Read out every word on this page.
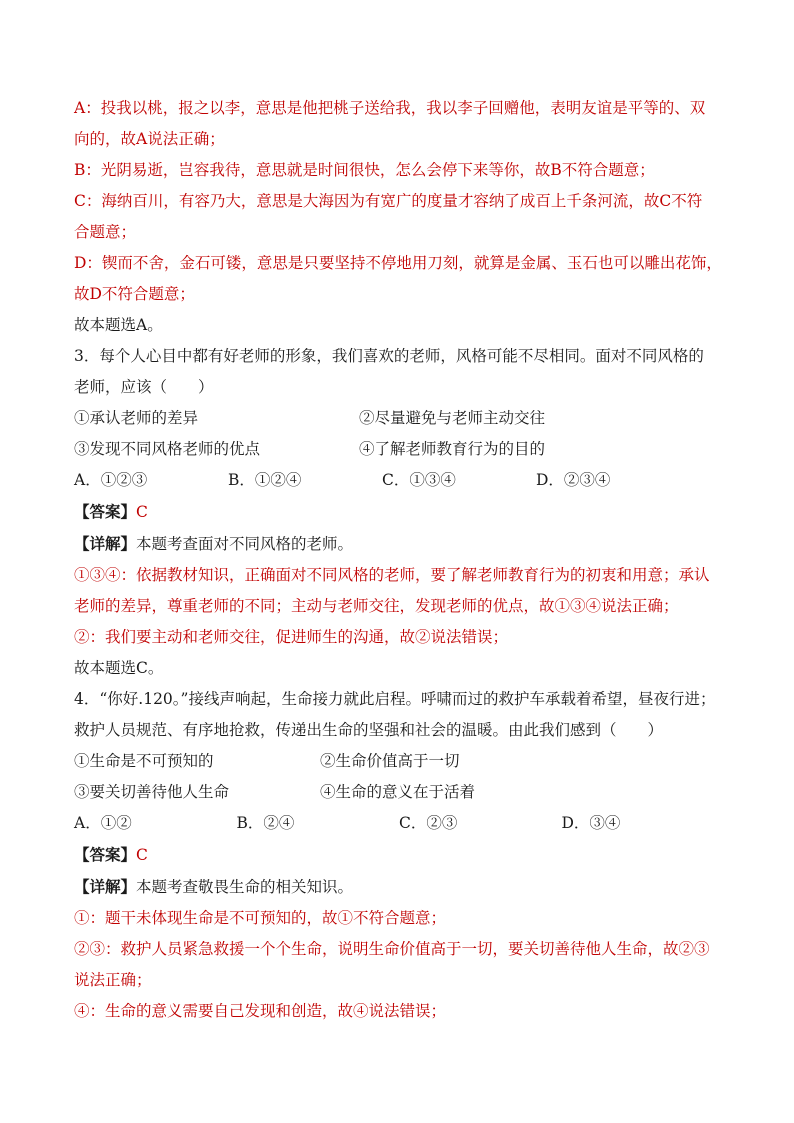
A：投我以桃，报之以李，意思是他把桃子送给我，我以李子回赠他，表明友谊是平等的、双
向的，故A说法正确；
B：光阴易逝，岂容我待，意思就是时间很快，怎么会停下来等你，故B不符合题意；
C：海纳百川，有容乃大，意思是大海因为有宽广的度量才容纳了成百上千条河流，故C不符
合题意；
D：锲而不舍，金石可镂，意思是只要坚持不停地用刀刻，就算是金属、玉石也可以雕出花饰，
故D不符合题意；
故本题选A。
3．每个人心目中都有好老师的形象，我们喜欢的老师，风格可能不尽相同。面对不同风格的
老师，应该（　　）
①承认老师的差异	②尽量避免与老师主动交往
③发现不同风格老师的优点	④了解老师教育行为的目的
A．①②③	B．①②④	C．①③④	D．②③④
【答案】C
【详解】本题考查面对不同风格的老师。
①③④：依据教材知识，正确面对不同风格的老师，要了解老师教育行为的初衷和用意；承认
老师的差异，尊重老师的不同；主动与老师交往，发现老师的优点，故①③④说法正确；
②：我们要主动和老师交往，促进师生的沟通，故②说法错误；
故本题选C。
4．“你好.120。”接线声响起，生命接力就此启程。呼啸而过的救护车承载着希望，昼夜行进；
救护人员规范、有序地抢救，传递出生命的坚强和社会的温暖。由此我们感到（　　）
①生命是不可预知的	②生命价值高于一切
③要关切善待他人生命	④生命的意义在于活着
A．①②	B．②④	C．②③	D．③④
【答案】C
【详解】本题考查敬畏生命的相关知识。
①：题干未体现生命是不可预知的，故①不符合题意；
②③：救护人员紧急救援一个个生命，说明生命价值高于一切，要关切善待他人生命，故②③
说法正确；
④：生命的意义需要自己发现和创造，故④说法错误；
